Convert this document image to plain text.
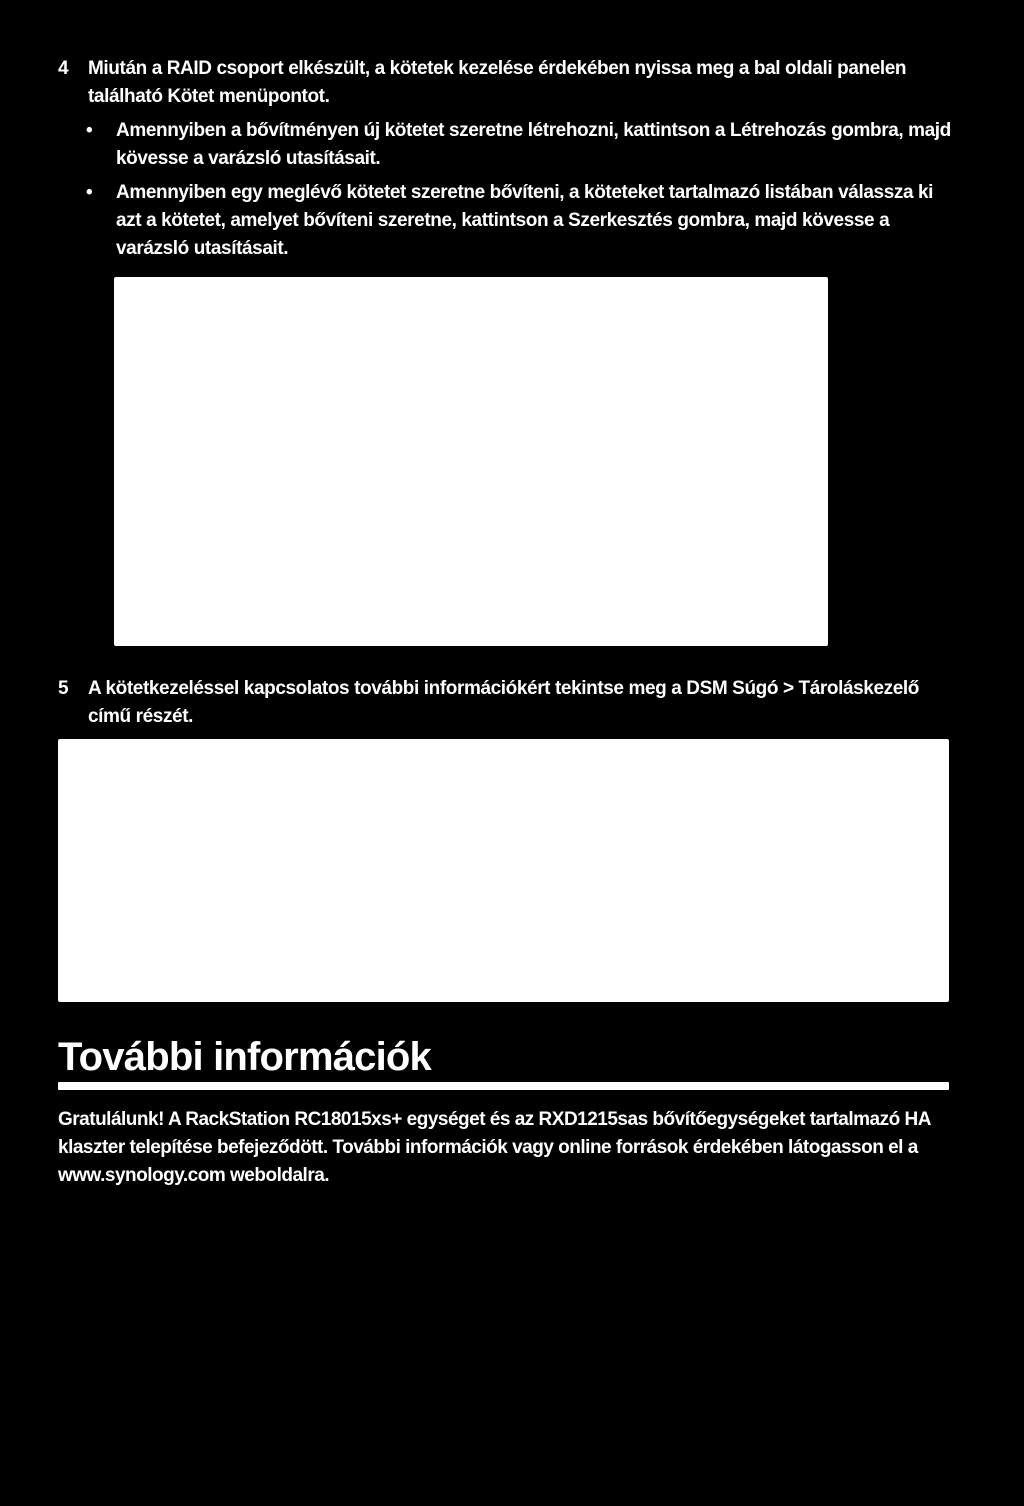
4 Miután a RAID csoport elkészült, a kötetek kezelése érdekében nyissa meg a bal oldali panelen található Kötet menüpontot.
• Amennyiben a bővítményen új kötetet szeretne létrehozni, kattintson a Létrehozás gombra, majd kövesse a varázsló utasításait.
• Amennyiben egy meglévő kötetet szeretne bővíteni, a köteteket tartalmazó listában válassza ki azt a kötetet, amelyet bővíteni szeretne, kattintson a Szerkesztés gombra, majd kövesse a varázsló utasításait.
5 A kötetkezeléssel kapcsolatos további információkért tekintse meg a DSM Súgó > Tároláskezelő című részét.
További információk
Gratulálunk! A RackStation RC18015xs+ egységet és az RXD1215sas bővítőegységeket tartalmazó HA klaszter telepítése befejeződött. További információk vagy online források érdekében látogasson el a www.synology.com weboldalra.
